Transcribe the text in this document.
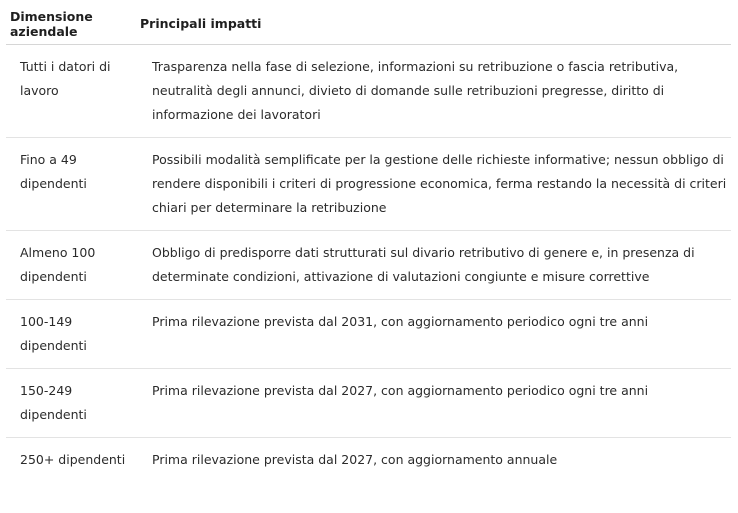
Dimensione aziendale	Principali impatti
Tutti i datori di lavoro	Trasparenza nella fase di selezione, informazioni su retribuzione o fascia retributiva, neutralità degli annunci, divieto di domande sulle retribuzioni pregresse, diritto di informazione dei lavoratori
Fino a 49 dipendenti	Possibili modalità semplificate per la gestione delle richieste informative; nessun obbligo di rendere disponibili i criteri di progressione economica, ferma restando la necessità di criteri chiari per determinare la retribuzione
Almeno 100 dipendenti	Obbligo di predisporre dati strutturati sul divario retributivo di genere e, in presenza di determinate condizioni, attivazione di valutazioni congiunte e misure correttive
100-149 dipendenti	Prima rilevazione prevista dal 2031, con aggiornamento periodico ogni tre anni
150-249 dipendenti	Prima rilevazione prevista dal 2027, con aggiornamento periodico ogni tre anni
250+ dipendenti	Prima rilevazione prevista dal 2027, con aggiornamento annuale
